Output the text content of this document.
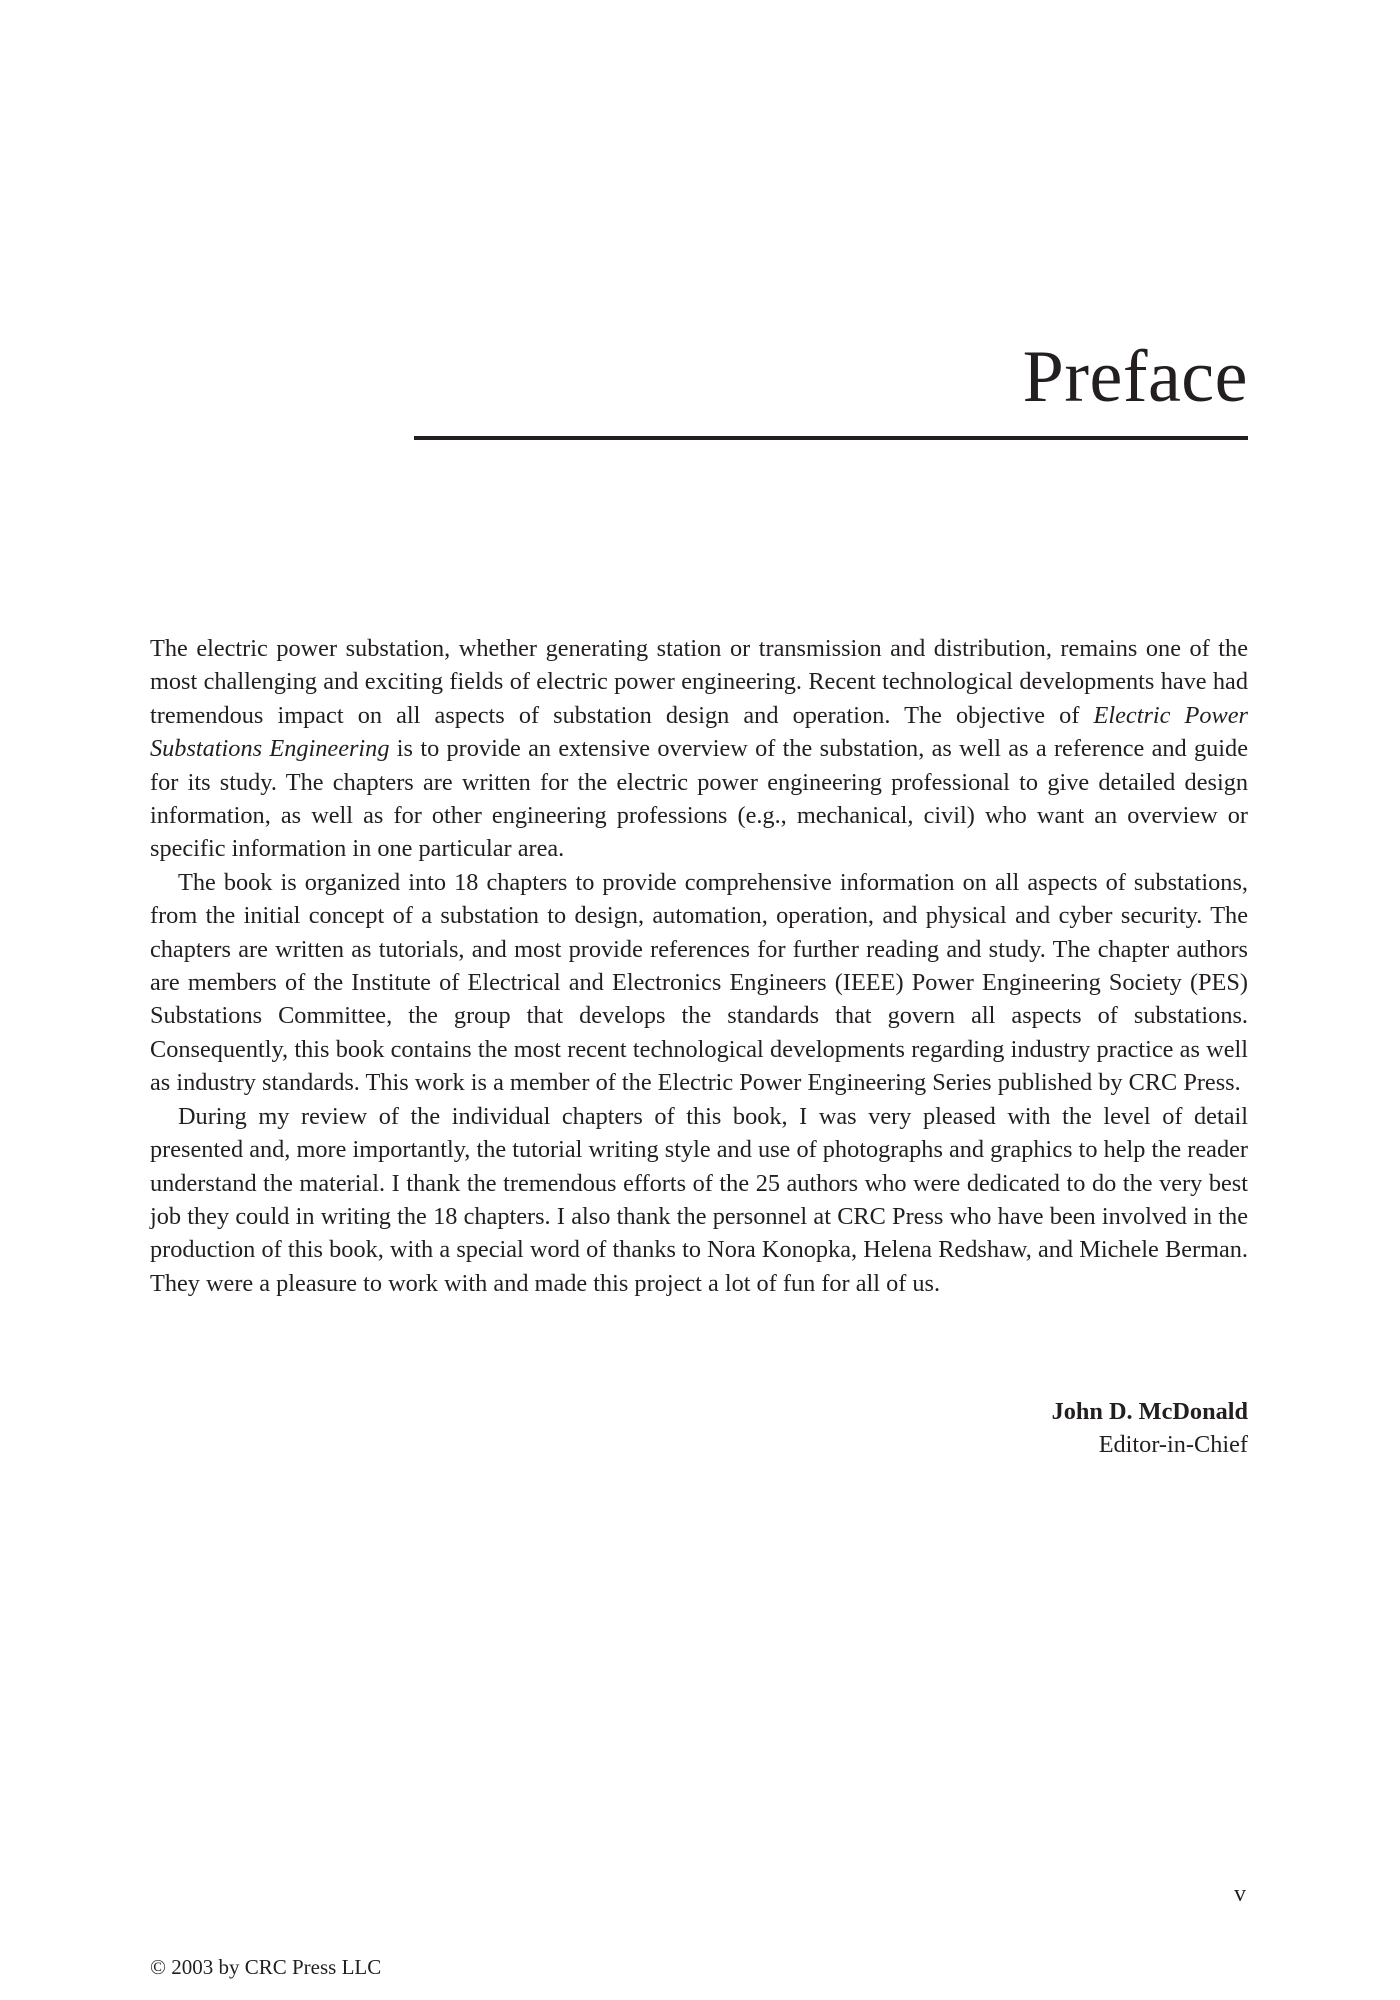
Preface

The electric power substation, whether generating station or transmission and distribution, remains one of the most challenging and exciting fields of electric power engineering. Recent technological developments have had tremendous impact on all aspects of substation design and operation. The objective of Electric Power Substations Engineering is to provide an extensive overview of the substation, as well as a reference and guide for its study. The chapters are written for the electric power engineering professional to give detailed design information, as well as for other engineering professions (e.g., mechanical, civil) who want an overview or specific information in one particular area.

The book is organized into 18 chapters to provide comprehensive information on all aspects of substations, from the initial concept of a substation to design, automation, operation, and physical and cyber security. The chapters are written as tutorials, and most provide references for further reading and study. The chapter authors are members of the Institute of Electrical and Electronics Engineers (IEEE) Power Engineering Society (PES) Substations Committee, the group that develops the standards that govern all aspects of substations. Consequently, this book contains the most recent technological developments regarding industry practice as well as industry standards. This work is a member of the Electric Power Engineering Series published by CRC Press.

During my review of the individual chapters of this book, I was very pleased with the level of detail presented and, more importantly, the tutorial writing style and use of photographs and graphics to help the reader understand the material. I thank the tremendous efforts of the 25 authors who were dedicated to do the very best job they could in writing the 18 chapters. I also thank the personnel at CRC Press who have been involved in the production of this book, with a special word of thanks to Nora Konopka, Helena Redshaw, and Michele Berman. They were a pleasure to work with and made this project a lot of fun for all of us.

John D. McDonald
Editor-in-Chief
v
© 2003 by CRC Press LLC
